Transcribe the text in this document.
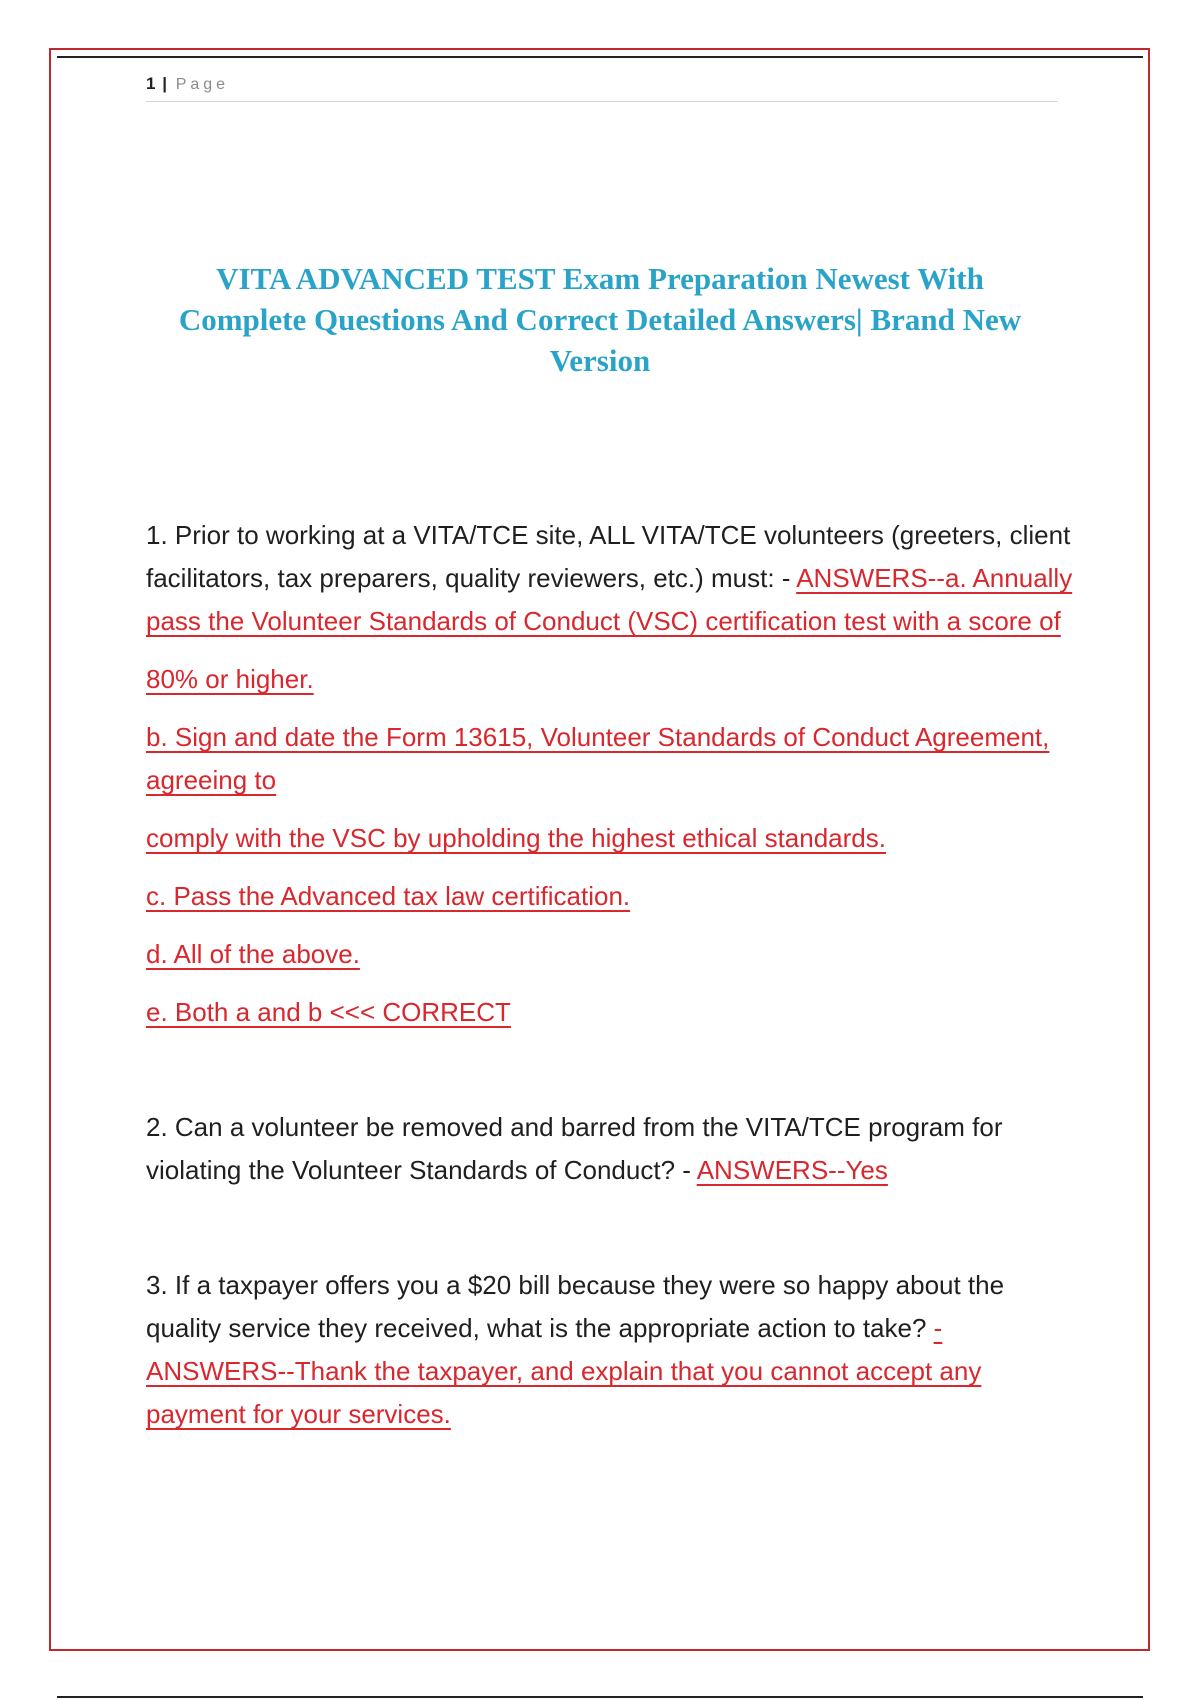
1 | Page
VITA ADVANCED TEST Exam Preparation Newest With
Complete Questions And Correct Detailed Answers| Brand New
Version

1. Prior to working at a VITA/TCE site, ALL VITA/TCE volunteers (greeters, client facilitators, tax preparers, quality reviewers, etc.) must: - ANSWERS--a. Annually pass the Volunteer Standards of Conduct (VSC) certification test with a score of

80% or higher.

b. Sign and date the Form 13615, Volunteer Standards of Conduct Agreement, agreeing to

comply with the VSC by upholding the highest ethical standards.

c. Pass the Advanced tax law certification.

d. All of the above.

e. Both a and b <<< CORRECT

2. Can a volunteer be removed and barred from the VITA/TCE program for violating the Volunteer Standards of Conduct? - ANSWERS--Yes

3. If a taxpayer offers you a $20 bill because they were so happy about the quality service they received, what is the appropriate action to take? - ANSWERS--Thank the taxpayer, and explain that you cannot accept any payment for your services.
